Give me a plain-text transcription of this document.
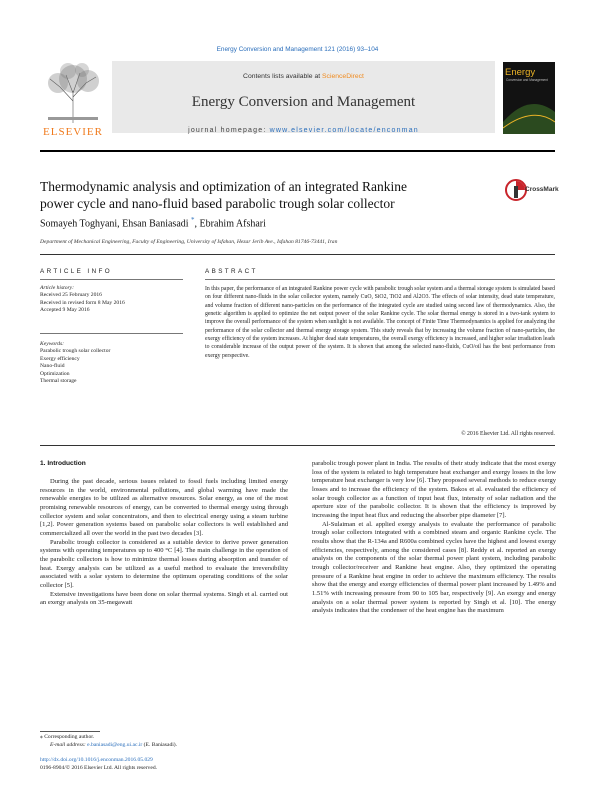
Energy Conversion and Management 121 (2016) 93–104
ELSEVIER
Contents lists available at ScienceDirect
Energy Conversion and Management
journal homepage: www.elsevier.com/locate/enconman
Energy
Conversion and Management
Thermodynamic analysis and optimization of an integrated Rankine
power cycle and nano-fluid based parabolic trough solar collector
CrossMark
Somayeh Toghyani, Ehsan Baniasadi *, Ebrahim Afshari
Department of Mechanical Engineering, Faculty of Engineering, University of Isfahan, Hezar Jerib Ave., Isfahan 81746-73441, Iran
ARTICLE INFO
Article history:
Received 25 February 2016
Received in revised form 8 May 2016
Accepted 9 May 2016
Keywords:
Parabolic trough solar collector
Exergy efficiency
Nano-fluid
Optimization
Thermal storage
ABSTRACT
In this paper, the performance of an integrated Rankine power cycle with parabolic trough solar system and a thermal storage system is simulated based on four different nano-fluids in the solar collector system, namely CuO, SiO2, TiO2 and Al2O3. The effects of solar intensity, dead state temperature, and volume fraction of different nano-particles on the performance of the integrated cycle are studied using second law of thermodynamics. Also, the genetic algorithm is applied to optimize the net output power of the solar Rankine cycle. The solar thermal energy is stored in a two-tank system to improve the overall performance of the system when sunlight is not available. The concept of Finite Time Thermodynamics is applied for analyzing the performance of the solar collector and thermal energy storage system. This study reveals that by increasing the volume fraction of nano-particles, the exergy efficiency of the system increases. At higher dead state temperatures, the overall exergy efficiency is increased, and higher solar irradiation leads to considerable increase of the output power of the system. It is shown that among the selected nano-fluids, CuO/oil has the best performance from exergy perspective.
© 2016 Elsevier Ltd. All rights reserved.
1. Introduction

During the past decade, serious issues related to fossil fuels including limited energy resources in the world, environmental pollutions, and global warming have made the renewable energies to be utilized as alternative resources. Solar energy, as one of the most promising renewable resources of energy, can be converted to thermal energy using through collector system and solar concentrators, and then to electrical energy using a steam turbine [1,2]. Power generation systems based on parabolic solar collectors is well established and commercialized all over the world in the past two decades [3].

Parabolic trough collector is considered as a suitable device to derive power generation systems with operating temperatures up to 400 °C [4]. The main challenge in the operation of the parabolic collectors is how to minimize thermal losses during absorption and transfer of heat. Exergy analysis can be utilized as a useful method to evaluate the irreversibility associated with a solar system to determine the optimum operating conditions of the solar collector [5].

Extensive investigations have been done on solar thermal systems. Singh et al. carried out an exergy analysis on 35-megawatt

parabolic trough power plant in India. The results of their study indicate that the most exergy loss of the system is related to high temperature heat exchanger and exergy losses in the low temperature heat exchanger is very low [6]. They proposed several methods to reduce exergy losses and to increase the efficiency of the system. Bakos et al. evaluated the efficiency of solar trough collector as a function of input heat flux, intensity of solar radiation and the aperture size of the parabolic collector. It is shown that the efficiency is improved by increasing the input heat flux and reducing the absorber pipe diameter [7].

Al-Sulaiman et al. applied exergy analysis to evaluate the performance of parabolic trough solar collectors integrated with a combined steam and organic Rankine cycle. The results show that the R-134a and R600a combined cycles have the highest and lowest exergy efficiencies, respectively, among the considered cases [8]. Reddy et al. reported an exergy analysis on the components of the solar thermal power plant system, including parabolic trough collector/receiver and Rankine heat engine. Also, they optimized the operating pressure of a Rankine heat engine in order to achieve the maximum efficiency. The results show that the energy and exergy efficiencies of thermal power plant increased by 1.49% and 1.51% with increasing pressure from 90 to 105 bar, respectively [9]. An exergy and energy analysis on a solar thermal power system is reported by Singh et al. [10]. The energy analysis indicates that the condenser of the heat engine has the maximum

⁎ Corresponding author.
E-mail address: e.baniasadi@eng.ui.ac.ir (E. Baniasadi).
http://dx.doi.org/10.1016/j.enconman.2016.05.029
0196-8904/© 2016 Elsevier Ltd. All rights reserved.
